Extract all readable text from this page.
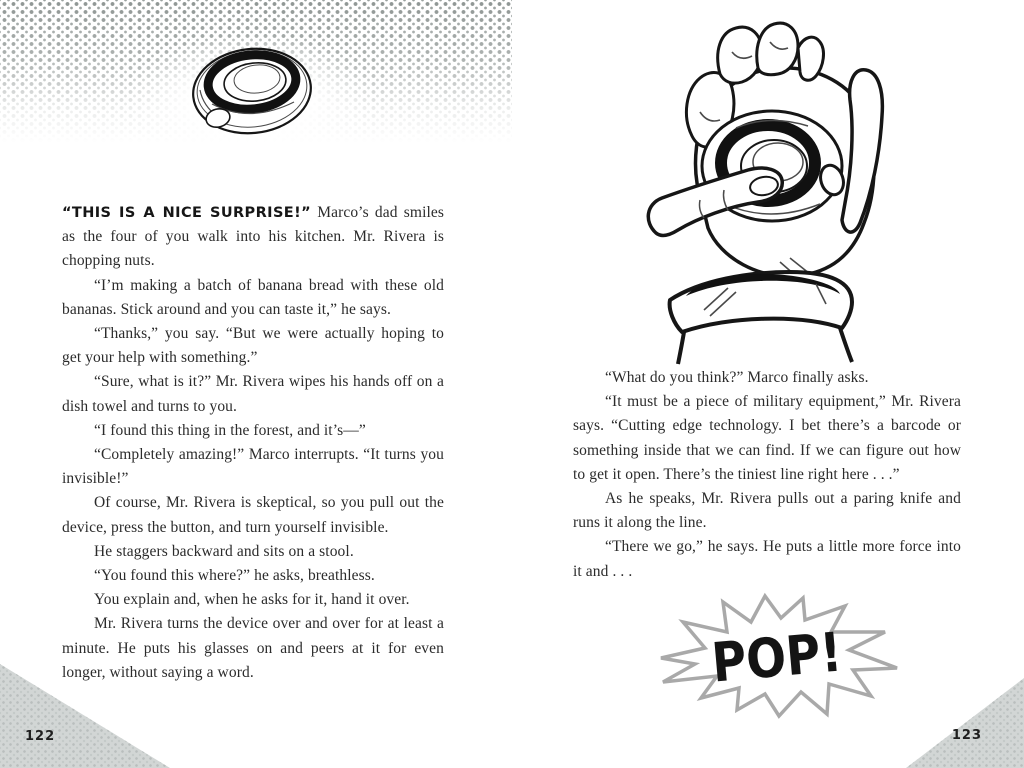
“THIS IS A NICE SURPRISE!” Marco’s dad smiles as the four of you walk into his kitchen. Mr. Rivera is chopping nuts.

“I’m making a batch of banana bread with these old bananas. Stick around and you can taste it,” he says.

“Thanks,” you say. “But we were actually hoping to get your help with something.”

“Sure, what is it?” Mr. Rivera wipes his hands off on a dish towel and turns to you.

“I found this thing in the forest, and it’s—”

“Completely amazing!” Marco interrupts. “It turns you invisible!”

Of course, Mr. Rivera is skeptical, so you pull out the device, press the button, and turn yourself invisible.

He staggers backward and sits on a stool.

“You found this where?” he asks, breathless.

You explain and, when he asks for it, hand it over.

Mr. Rivera turns the device over and over for at least a minute. He puts his glasses on and peers at it for even longer, without saying a word.

122

“What do you think?” Marco finally asks.

“It must be a piece of military equipment,” Mr. Rivera says. “Cutting edge technology. I bet there’s a barcode or something inside that we can find. If we can figure out how to get it open. There’s the tiniest line right here . . .”

As he speaks, Mr. Rivera pulls out a paring knife and runs it along the line.

“There we go,” he says. He puts a little more force into it and . . .

POP!
123
